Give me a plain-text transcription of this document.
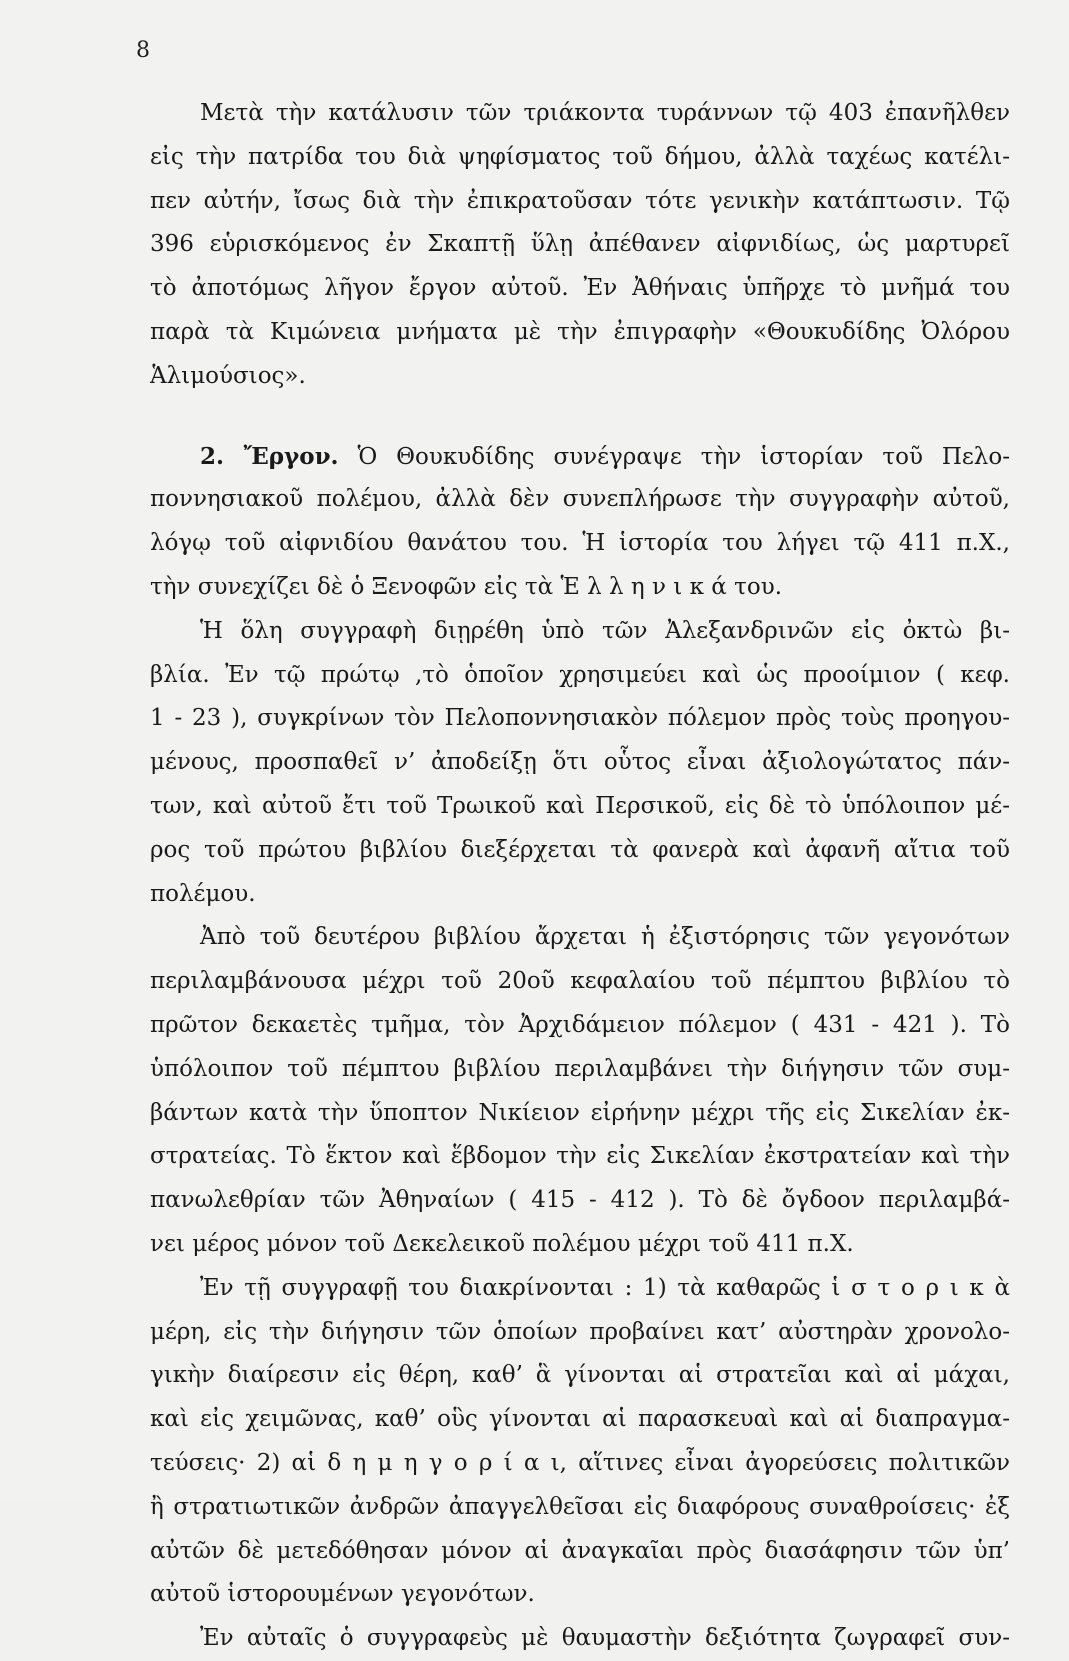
8
Μετὰ τὴν κατάλυσιν τῶν τριάκοντα τυράννων τῷ 403 ἐπανῆλθεν
εἰς τὴν πατρίδα του διὰ ψηφίσματος τοῦ δήμου, ἀλλὰ ταχέως κατέλι-
πεν αὐτήν, ἴσως διὰ τὴν ἐπικρατοῦσαν τότε γενικὴν κατάπτωσιν. Τῷ
396 εὑρισκόμενος ἐν Σκαπτῇ ὕλῃ ἀπέθανεν αἰφνιδίως, ὡς μαρτυρεῖ
τὸ ἀποτόμως λῆγον ἔργον αὐτοῦ. Ἐν Ἀθήναις ὑπῆρχε τὸ μνῆμά του
παρὰ τὰ Κιμώνεια μνήματα μὲ τὴν ἐπιγραφὴν «Θουκυδίδης Ὀλόρου
Ἁλιμούσιος».
2. Ἔργον. Ὁ Θουκυδίδης συνέγραψε τὴν ἱστορίαν τοῦ Πελο-
ποννησιακοῦ πολέμου, ἀλλὰ δὲν συνεπλήρωσε τὴν συγγραφὴν αὐτοῦ,
λόγῳ τοῦ αἰφνιδίου θανάτου του. Ἡ ἱστορία του λήγει τῷ 411 π.Χ.,
τὴν συνεχίζει δὲ ὁ Ξενοφῶν εἰς τὰ Ἑ λ λ η ν ι κ ά του.
Ἡ ὅλη συγγραφὴ διῃρέθη ὑπὸ τῶν Ἀλεξανδρινῶν εἰς ὀκτὼ βι-
βλία. Ἐν τῷ πρώτῳ ,τὸ ὁποῖον χρησιμεύει καὶ ὡς προοίμιον ( κεφ.
1 - 23 ), συγκρίνων τὸν Πελοποννησιακὸν πόλεμον πρὸς τοὺς προηγου-
μένους, προσπαθεῖ ν’ ἀποδείξῃ ὅτι οὗτος εἶναι ἀξιολογώτατος πάν-
των, καὶ αὐτοῦ ἔτι τοῦ Τρωικοῦ καὶ Περσικοῦ, εἰς δὲ τὸ ὑπόλοιπον μέ-
ρος τοῦ πρώτου βιβλίου διεξέρχεται τὰ φανερὰ καὶ ἀφανῆ αἴτια τοῦ
πολέμου.
Ἀπὸ τοῦ δευτέρου βιβλίου ἄρχεται ἡ ἐξιστόρησις τῶν γεγονότων
περιλαμβάνουσα μέχρι τοῦ 20οῦ κεφαλαίου τοῦ πέμπτου βιβλίου τὸ
πρῶτον δεκαετὲς τμῆμα, τὸν Ἀρχιδάμειον πόλεμον ( 431 - 421 ). Τὸ
ὑπόλοιπον τοῦ πέμπτου βιβλίου περιλαμβάνει τὴν διήγησιν τῶν συμ-
βάντων κατὰ τὴν ὕποπτον Νικίειον εἰρήνην μέχρι τῆς εἰς Σικελίαν ἐκ-
στρατείας. Τὸ ἕκτον καὶ ἕβδομον τὴν εἰς Σικελίαν ἐκστρατείαν καὶ τὴν
πανωλεθρίαν τῶν Ἀθηναίων ( 415 - 412 ). Τὸ δὲ ὄγδοον περιλαμβά-
νει μέρος μόνον τοῦ Δεκελεικοῦ πολέμου μέχρι τοῦ 411 π.Χ.
Ἐν τῇ συγγραφῇ του διακρίνονται : 1) τὰ καθαρῶς ἱ σ τ ο ρ ι κ ὰ
μέρη, εἰς τὴν διήγησιν τῶν ὁποίων προβαίνει κατ’ αὐστηρὰν χρονολο-
γικὴν διαίρεσιν εἰς θέρη, καθ’ ἃ γίνονται αἱ στρατεῖαι καὶ αἱ μάχαι,
καὶ εἰς χειμῶνας, καθ’ οὓς γίνονται αἱ παρασκευαὶ καὶ αἱ διαπραγμα-
τεύσεις· 2) αἱ δ η μ η γ ο ρ ί α ι, αἵτινες εἶναι ἀγορεύσεις πολιτικῶν
ἢ στρατιωτικῶν ἀνδρῶν ἀπαγγελθεῖσαι εἰς διαφόρους συναθροίσεις· ἐξ
αὐτῶν δὲ μετεδόθησαν μόνον αἱ ἀναγκαῖαι πρὸς διασάφησιν τῶν ὑπ’
αὐτοῦ ἱστορουμένων γεγονότων.
Ἐν αὐταῖς ὁ συγγραφεὺς μὲ θαυμαστὴν δεξιότητα ζωγραφεῖ συν-
